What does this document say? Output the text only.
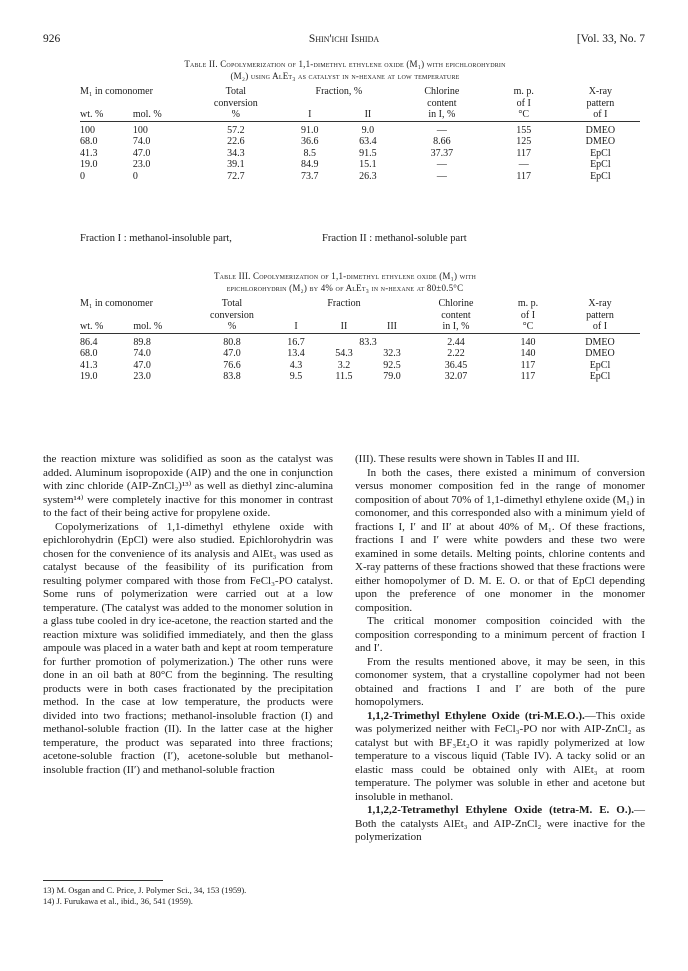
926	Shin'ichi Ishida	[Vol. 33, No. 7
Table II. Copolymerization of 1,1-dimethyl ethylene oxide (M₁) with epichlorohydrin
(M₂) using AlEt₃ as catalyst in n-hexane at low temperature
M₁ in comonomer		Total	Fraction, %		Chlorine	m. p.	X-ray
		conversion			content	of I	pattern
wt. %	mol. %	%	I	II	in I, %	°C	of I

100	100	57.2	91.0	9.0	—	155	DMEO
68.0	74.0	22.6	36.6	63.4	8.66	125	DMEO
41.3	47.0	34.3	8.5	91.5	37.37	117	EpCl
19.0	23.0	39.1	84.9	15.1	—	—	EpCl
0	0	72.7	73.7	26.3	—	117	EpCl
Fraction I : methanol-insoluble part,	Fraction II : methanol-soluble part
Table III. Copolymerization of 1,1-dimethyl ethylene oxide (M₁) with
epichlorohydrin (M₂) by 4% of AlEt₃ in n-hexane at 80±0.5°C
M₁ in comonomer		Total	Fraction			Chlorine	m. p.	X-ray
		conversion				content	of I	pattern
wt. %	mol. %	%	I	II	III	in I, %	°C	of I

86.4	89.8	80.8	16.7	83.3		2.44	140	DMEO
68.0	74.0	47.0	13.4	54.3	32.3	2.22	140	DMEO
41.3	47.0	76.6	4.3	3.2	92.5	36.45	117	EpCl
19.0	23.0	83.8	9.5	11.5	79.0	32.07	117	EpCl

the reaction mixture was solidified as soon as the catalyst was added. Aluminum isopropoxide (AIP) and the one in conjunction with zinc chloride (AIP-ZnCl₂)¹³⁾ as well as diethyl zinc-alumina system¹⁴⁾ were completely inactive for this monomer in contrast to the fact of their being active for propylene oxide.

Copolymerizations of 1,1-dimethyl ethylene oxide with epichlorohydrin (EpCl) were also studied. Epichlorohydrin was chosen for the convenience of its analysis and AlEt₃ was used as catalyst because of the feasibility of its purification from resulting polymer compared with those from FeCl₃-PO catalyst. Some runs of polymerization were carried out at a low temperature. (The catalyst was added to the monomer solution in a glass tube cooled in dry ice-acetone, the reaction started and the reaction mixture was solidified immediately, and then the glass ampoule was placed in a water bath and kept at room temperature for further promotion of polymerization.) The other runs were done in an oil bath at 80°C from the beginning. The resulting products were in both cases fractionated by the precipitation method. In the case at low temperature, the products were divided into two fractions; methanol-insoluble fraction (I) and methanol-soluble fraction (II). In the latter case at the higher temperature, the product was separated into three fractions; acetone-soluble fraction (I′), acetone-soluble but methanol-insoluble fraction (II′) and methanol-soluble fraction

(III). These results were shown in Tables II and III.

In both the cases, there existed a minimum of conversion versus monomer composition fed in the range of monomer composition of about 70% of 1,1-dimethyl ethylene oxide (M₁) in comonomer, and this corresponded also with a minimum yield of fractions I, I′ and II′ at about 40% of M₁. Of these fractions, fractions I and I′ were white powders and these two were examined in some details. Melting points, chlorine contents and X-ray patterns of these fractions showed that these fractions were either homopolymer of D. M. E. O. or that of EpCl depending upon the preference of one monomer in the monomer composition.

The critical monomer composition coincided with the composition corresponding to a minimum percent of fraction I and I′.

From the results mentioned above, it may be seen, in this comonomer system, that a crystalline copolymer had not been obtained and fractions I and I′ are both of the pure homopolymers.

1,1,2-Trimethyl Ethylene Oxide (tri-M.E.O.).—This oxide was polymerized neither with FeCl₃-PO nor with AIP-ZnCl₂ as catalyst but with BF₃Et₂O it was rapidly polymerized at low temperature to a viscous liquid (Table IV). A tacky solid or an elastic mass could be obtained only with AlEt₃ at room temperature. The polymer was soluble in ether and acetone but insoluble in methanol.

1,1,2,2-Tetramethyl Ethylene Oxide (tetra-M. E. O.).— Both the catalysts AlEt₃ and AIP-ZnCl₂ were inactive for the polymerization

13) M. Osgan and C. Price, J. Polymer Sci., 34, 153 (1959).
14) J. Furukawa et al., ibid., 36, 541 (1959).
